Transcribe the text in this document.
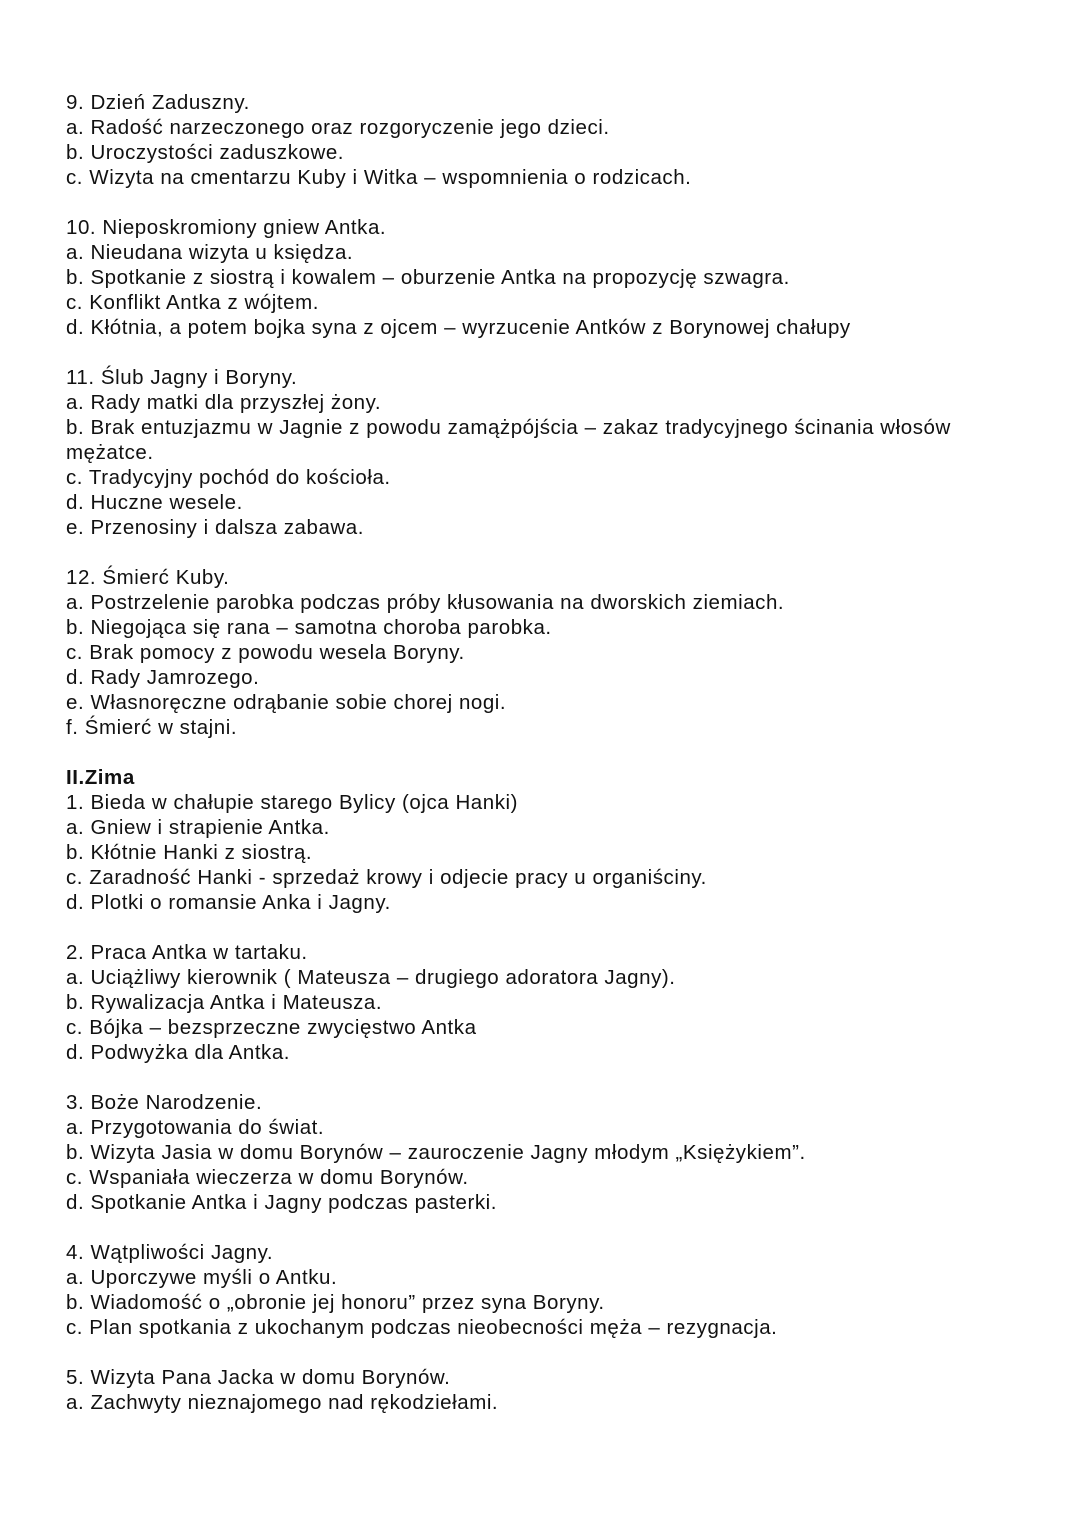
9. Dzień Zaduszny.
a. Radość narzeczonego oraz rozgoryczenie jego dzieci.
b. Uroczystości zaduszkowe.
c. Wizyta na cmentarzu Kuby i Witka – wspomnienia o rodzicach.
10. Nieposkromiony gniew Antka.
a. Nieudana wizyta u księdza.
b. Spotkanie z siostrą i kowalem – oburzenie Antka na propozycję szwagra.
c. Konflikt Antka z wójtem.
d. Kłótnia, a potem bojka syna z ojcem – wyrzucenie Antków z Borynowej chałupy
11. Ślub Jagny i Boryny.
a. Rady matki dla przyszłej żony.
b. Brak entuzjazmu w Jagnie z powodu zamążpójścia – zakaz tradycyjnego ścinania włosów mężatce.
c. Tradycyjny pochód do kościoła.
d. Huczne wesele.
e. Przenosiny i dalsza zabawa.
12. Śmierć Kuby.
a. Postrzelenie parobka podczas próby kłusowania na dworskich ziemiach.
b. Niegojąca się rana – samotna choroba parobka.
c. Brak pomocy z powodu wesela Boryny.
d. Rady Jamrozego.
e. Własnoręczne odrąbanie sobie chorej nogi.
f. Śmierć w stajni.
II.Zima
1. Bieda w chałupie starego Bylicy (ojca Hanki)
a. Gniew i strapienie Antka.
b. Kłótnie Hanki z siostrą.
c. Zaradność Hanki - sprzedaż krowy i odjecie pracy u organiściny.
d. Plotki o romansie Anka i Jagny.
2. Praca Antka w tartaku.
a. Uciążliwy kierownik ( Mateusza – drugiego adoratora Jagny).
b. Rywalizacja Antka i Mateusza.
c. Bójka – bezsprzeczne zwycięstwo Antka
d. Podwyżka dla Antka.
3. Boże Narodzenie.
a. Przygotowania do świat.
b. Wizyta Jasia w domu Borynów – zauroczenie Jagny młodym „Księżykiem”.
c. Wspaniała wieczerza w domu Borynów.
d. Spotkanie Antka i Jagny podczas pasterki.
4. Wątpliwości Jagny.
a. Uporczywe myśli o Antku.
b. Wiadomość o „obronie jej honoru” przez syna Boryny.
c. Plan spotkania z ukochanym podczas nieobecności męża – rezygnacja.
5. Wizyta Pana Jacka w domu Borynów.
a. Zachwyty nieznajomego nad rękodziełami.
